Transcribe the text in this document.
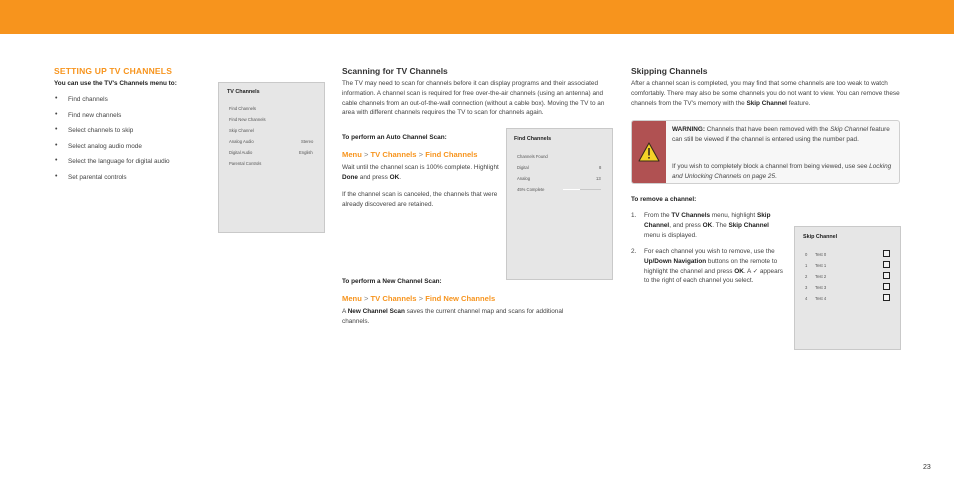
SETTING UP TV CHANNELS
You can use the TV's Channels menu to:
• Find channels
• Find new channels
• Select channels to skip
• Select analog audio mode
• Select the language for digital audio
• Set parental controls
TV Channels
Find Channels
Find New Channels
Skip Channel
Analog Audio	Stereo
Digital Audio	English
Parental Controls
Scanning for TV Channels
The TV may need to scan for channels before it can display programs and their associated information. A channel scan is required for free over-the-air channels (using an antenna) and cable channels from an out-of-the-wall connection (without a cable box). Moving the TV to an area with different channels requires the TV to scan for channels again.
To perform an Auto Channel Scan:
Menu > TV Channels > Find Channels
Wait until the channel scan is 100% complete. Highlight Done and press OK.
If the channel scan is canceled, the channels that were already discovered are retained.
Find Channels
Channels Found
Digital	8
Analog	13
45% Complete
To perform a New Channel Scan:
Menu > TV Channels > Find New Channels
A New Channel Scan saves the current channel map and scans for additional channels.
Skipping Channels
After a channel scan is completed, you may find that some channels are too weak to watch comfortably. There may also be some channels you do not want to view. You can remove these channels from the TV's memory with the Skip Channel feature.
WARNING: Channels that have been removed with the Skip Channel feature can still be viewed if the channel is entered using the number pad.
If you wish to completely block a channel from being viewed, use see Locking and Unlocking Channels on page 25.
To remove a channel:
1.	From the TV Channels menu, highlight Skip Channel, and press OK. The Skip Channel menu is displayed.
2.	For each channel you wish to remove, use the Up/Down Navigation buttons on the remote to highlight the channel and press OK. A ✓ appears to the right of each channel you select.
Skip Channel
0 Test 0
1 Test 1
2 Test 2
3 Test 3
4 Test 4
23
